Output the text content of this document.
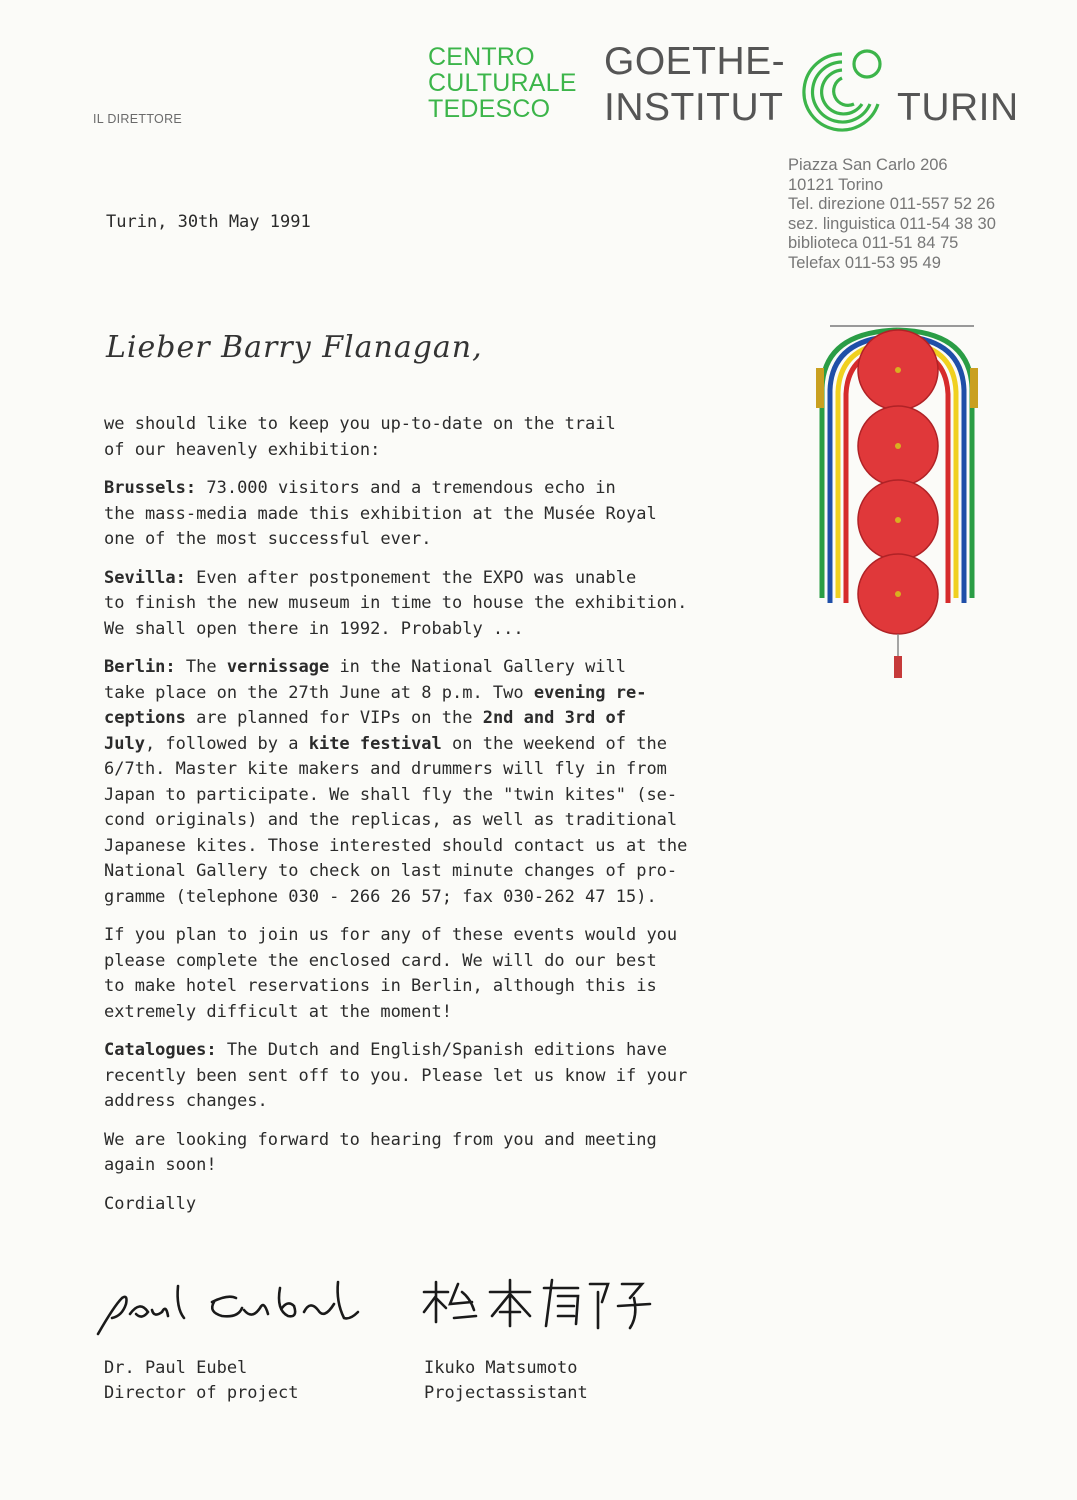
IL DIRETTORE
CENTRO
CULTURALE
TEDESCO
GOETHE-
INSTITUT	TURIN
Piazza San Carlo 206
10121 Torino
Tel. direzione 011-557 52 26
sez. linguistica 011-54 38 30
biblioteca 011-51 84 75
Telefax 011-53 95 49
Turin, 30th May 1991
Lieber Barry Flanagan,

we should like to keep you up-to-date on the trail
of our heavenly exhibition:

Brussels: 73.000 visitors and a tremendous echo in
the mass-media made this exhibition at the Musée Royal
one of the most successful ever.

Sevilla: Even after postponement the EXPO was unable
to finish the new museum in time to house the exhibition.
We shall open there in 1992. Probably ...

Berlin: The vernissage in the National Gallery will
take place on the 27th June at 8 p.m. Two evening re-
ceptions are planned for VIPs on the 2nd and 3rd of
July, followed by a kite festival on the weekend of the
6/7th. Master kite makers and drummers will fly in from
Japan to participate. We shall fly the "twin kites" (se-
cond originals) and the replicas, as well as traditional
Japanese kites. Those interested should contact us at the
National Gallery to check on last minute changes of pro-
gramme (telephone 030 - 266 26 57; fax 030-262 47 15).

If you plan to join us for any of these events would you
please complete the enclosed card. We will do our best
to make hotel reservations in Berlin, although this is
extremely difficult at the moment!

Catalogues: The Dutch and English/Spanish editions have
recently been sent off to you. Please let us know if your
address changes.

We are looking forward to hearing from you and meeting
again soon!

Cordially

Dr. Paul Eubel
Director of project
Ikuko Matsumoto
Projectassistant
